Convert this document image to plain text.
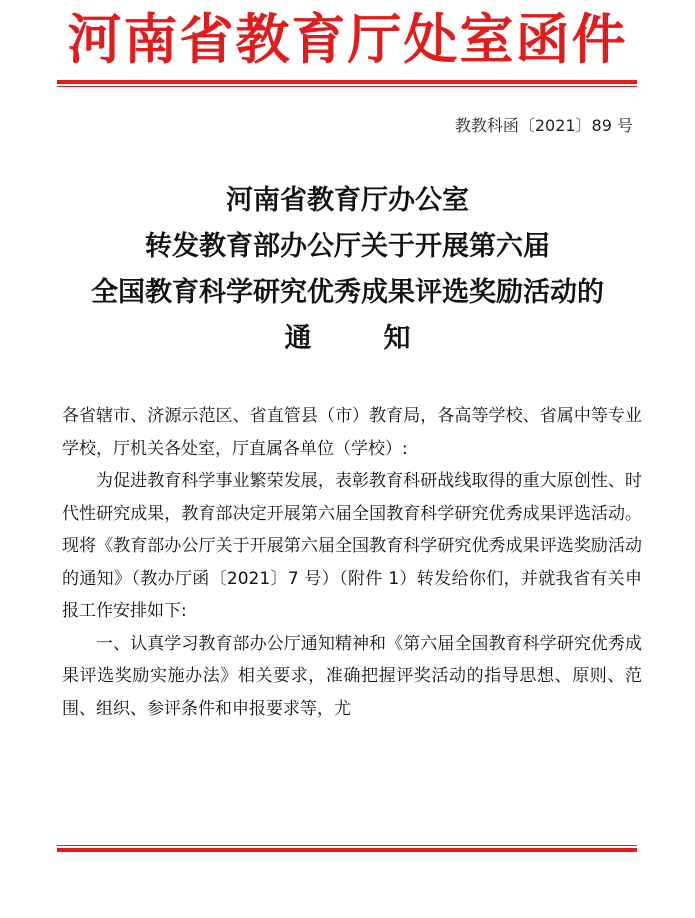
河南省教育厅处室函件
教教科函〔2021〕89 号
河南省教育厅办公室
转发教育部办公厅关于开展第六届
全国教育科学研究优秀成果评选奖励活动的
通	知

各省辖市、济源示范区、省直管县（市）教育局，各高等学校、省属中等专业学校，厅机关各处室，厅直属各单位（学校）:

为促进教育科学事业繁荣发展，表彰教育科研战线取得的重大原创性、时代性研究成果，教育部决定开展第六届全国教育科学研究优秀成果评选活动。现将《教育部办公厅关于开展第六届全国教育科学研究优秀成果评选奖励活动的通知》（教办厅函〔2021〕7 号）（附件 1）转发给你们，并就我省有关申报工作安排如下:

一、认真学习教育部办公厅通知精神和《第六届全国教育科学研究优秀成果评选奖励实施办法》相关要求，准确把握评奖活动的指导思想、原则、范围、组织、参评条件和申报要求等，尤
